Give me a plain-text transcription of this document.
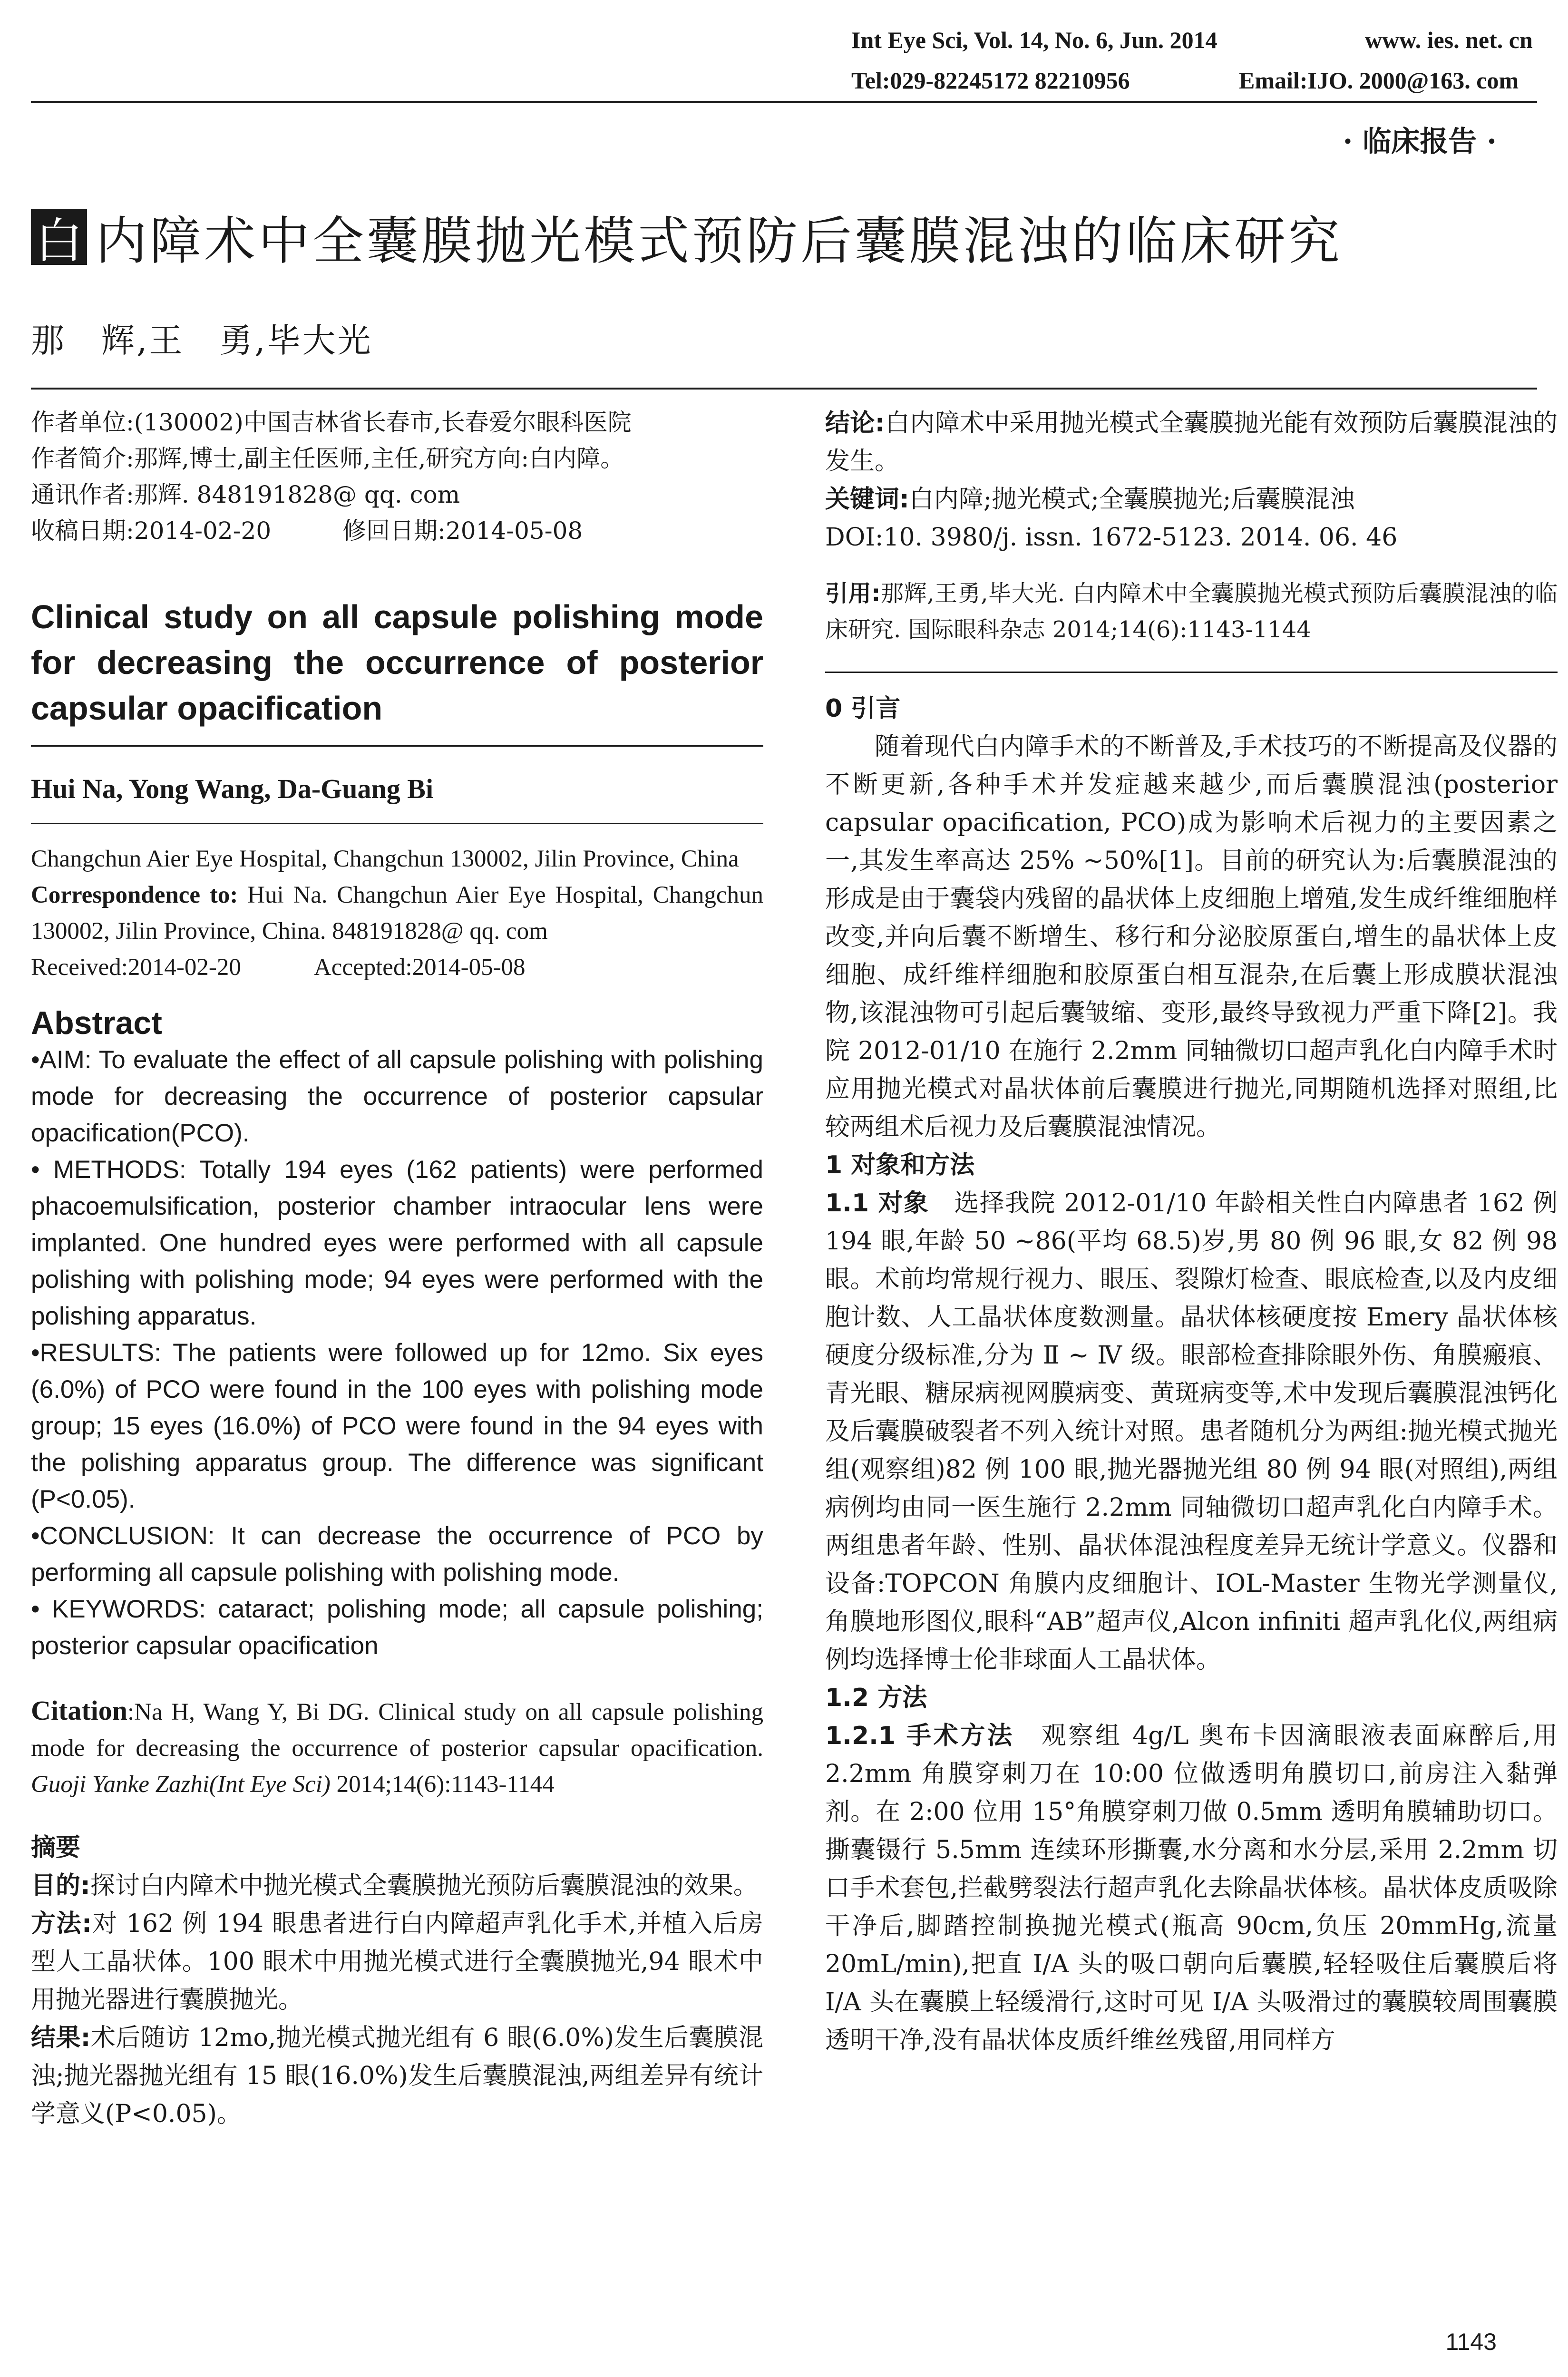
Int Eye Sci, Vol. 14, No. 6, Jun. 2014	www. ies. net. cn
Tel:029-82245172 82210956	Email:IJO. 2000@163. com
· 临床报告 ·
白 内障术中全囊膜抛光模式预防后囊膜混浊的临床研究
那　辉,王　勇,毕大光

作者单位:(130002)中国吉林省长春市,长春爱尔眼科医院

作者简介:那辉,博士,副主任医师,主任,研究方向:白内障。

通讯作者:那辉. 848191828@ qq. com

收稿日期:2014-02-20　　　修回日期:2014-05-08

Clinical study on all capsule polishing mode for decreasing the occurrence of posterior capsular opacification

Hui Na, Yong Wang, Da-Guang Bi

Changchun Aier Eye Hospital, Changchun 130002, Jilin Province, China

Correspondence to: Hui Na. Changchun Aier Eye Hospital, Changchun 130002, Jilin Province, China. 848191828@ qq. com

Received:2014-02-20　　　Accepted:2014-05-08

Abstract

•AIM: To evaluate the effect of all capsule polishing with polishing mode for decreasing the occurrence of posterior capsular opacification(PCO).

• METHODS: Totally 194 eyes (162 patients) were performed phacoemulsification, posterior chamber intraocular lens were implanted. One hundred eyes were performed with all capsule polishing with polishing mode; 94 eyes were performed with the polishing apparatus.

•RESULTS: The patients were followed up for 12mo. Six eyes (6.0%) of PCO were found in the 100 eyes with polishing mode group; 15 eyes (16.0%) of PCO were found in the 94 eyes with the polishing apparatus group. The difference was significant (P<0.05).

•CONCLUSION: It can decrease the occurrence of PCO by performing all capsule polishing with polishing mode.

• KEYWORDS: cataract; polishing mode; all capsule polishing; posterior capsular opacification

Citation:Na H, Wang Y, Bi DG. Clinical study on all capsule polishing mode for decreasing the occurrence of posterior capsular opacification. Guoji Yanke Zazhi(Int Eye Sci) 2014;14(6):1143-1144

摘要

目的:探讨白内障术中抛光模式全囊膜抛光预防后囊膜混浊的效果。

方法:对 162 例 194 眼患者进行白内障超声乳化手术,并植入后房型人工晶状体。100 眼术中用抛光模式进行全囊膜抛光,94 眼术中用抛光器进行囊膜抛光。

结果:术后随访 12mo,抛光模式抛光组有 6 眼(6.0%)发生后囊膜混浊;抛光器抛光组有 15 眼(16.0%)发生后囊膜混浊,两组差异有统计学意义(P<0.05)。

结论:白内障术中采用抛光模式全囊膜抛光能有效预防后囊膜混浊的发生。

关键词:白内障;抛光模式;全囊膜抛光;后囊膜混浊

DOI:10. 3980/j. issn. 1672-5123. 2014. 06. 46

引用:那辉,王勇,毕大光. 白内障术中全囊膜抛光模式预防后囊膜混浊的临床研究. 国际眼科杂志 2014;14(6):1143-1144

0 引言

随着现代白内障手术的不断普及,手术技巧的不断提高及仪器的不断更新,各种手术并发症越来越少,而后囊膜混浊(posterior capsular opacification, PCO)成为影响术后视力的主要因素之一,其发生率高达 25% ~50%[1]。目前的研究认为:后囊膜混浊的形成是由于囊袋内残留的晶状体上皮细胞上增殖,发生成纤维细胞样改变,并向后囊不断增生、移行和分泌胶原蛋白,增生的晶状体上皮细胞、成纤维样细胞和胶原蛋白相互混杂,在后囊上形成膜状混浊物,该混浊物可引起后囊皱缩、变形,最终导致视力严重下降[2]。我院 2012-01/10 在施行 2.2mm 同轴微切口超声乳化白内障手术时应用抛光模式对晶状体前后囊膜进行抛光,同期随机选择对照组,比较两组术后视力及后囊膜混浊情况。

1 对象和方法

1.1 对象　选择我院 2012-01/10 年龄相关性白内障患者 162 例 194 眼,年龄 50 ~86(平均 68.5)岁,男 80 例 96 眼,女 82 例 98 眼。术前均常规行视力、眼压、裂隙灯检查、眼底检查,以及内皮细胞计数、人工晶状体度数测量。晶状体核硬度按 Emery 晶状体核硬度分级标准,分为 Ⅱ ~ Ⅳ 级。眼部检查排除眼外伤、角膜瘢痕、青光眼、糖尿病视网膜病变、黄斑病变等,术中发现后囊膜混浊钙化及后囊膜破裂者不列入统计对照。患者随机分为两组:抛光模式抛光组(观察组)82 例 100 眼,抛光器抛光组 80 例 94 眼(对照组),两组病例均由同一医生施行 2.2mm 同轴微切口超声乳化白内障手术。两组患者年龄、性别、晶状体混浊程度差异无统计学意义。仪器和设备:TOPCON 角膜内皮细胞计、IOL-Master 生物光学测量仪,角膜地形图仪,眼科“AB”超声仪,Alcon infiniti 超声乳化仪,两组病例均选择博士伦非球面人工晶状体。

1.2 方法

1.2.1 手术方法　观察组 4g/L 奥布卡因滴眼液表面麻醉后,用 2.2mm 角膜穿刺刀在 10:00 位做透明角膜切口,前房注入黏弹剂。在 2:00 位用 15°角膜穿刺刀做 0.5mm 透明角膜辅助切口。撕囊镊行 5.5mm 连续环形撕囊,水分离和水分层,采用 2.2mm 切口手术套包,拦截劈裂法行超声乳化去除晶状体核。晶状体皮质吸除干净后,脚踏控制换抛光模式(瓶高 90cm,负压 20mmHg,流量 20mL/min),把直 I/A 头的吸口朝向后囊膜,轻轻吸住后囊膜后将 I/A 头在囊膜上轻缓滑行,这时可见 I/A 头吸滑过的囊膜较周围囊膜透明干净,没有晶状体皮质纤维丝残留,用同样方

1143
